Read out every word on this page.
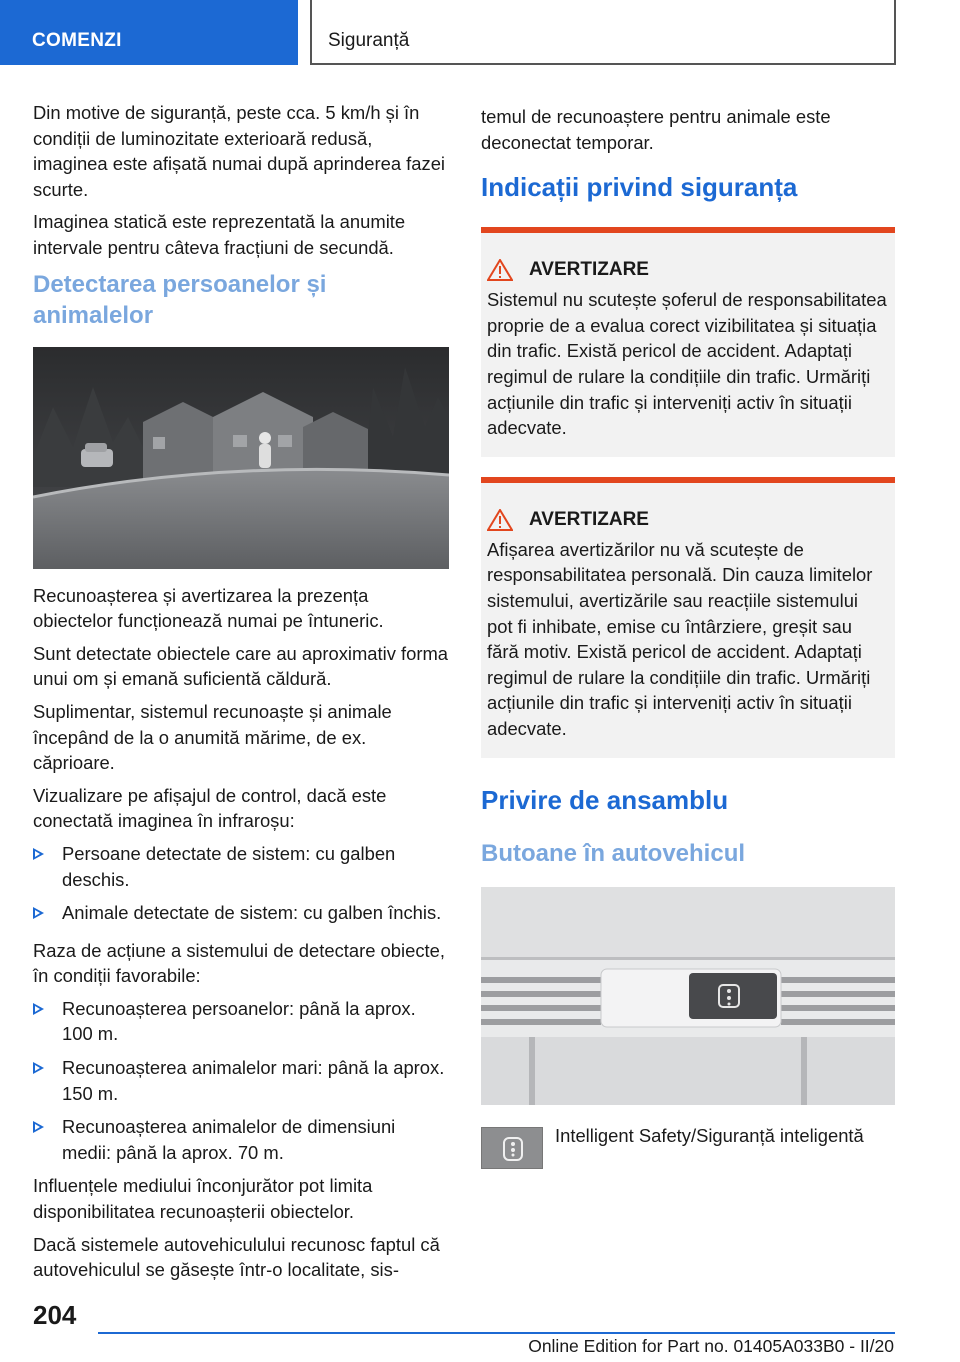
COMENZI	Siguranță

Din motive de siguranță, peste cca. 5 km/h și în condiții de luminozitate exterioară redusă, imaginea este afișată numai după aprinderea fazei scurte.

Imaginea statică este reprezentată la anumite intervale pentru câteva fracțiuni de secundă.

Detectarea persoanelor și animalelor

Recunoașterea și avertizarea la prezența obiectelor funcționează numai pe întuneric.

Sunt detectate obiectele care au aproximativ forma unui om și emană suficientă căldură.

Suplimentar, sistemul recunoaște și animale începând de la o anumită mărime, de ex. căprioare.

Vizualizare pe afișajul de control, dacă este conectată imaginea în infraroșu:

Persoane detectate de sistem: cu galben deschis.
Animale detectate de sistem: cu galben închis.

Raza de acțiune a sistemului de detectare obiecte, în condiții favorabile:

Recunoașterea persoanelor: până la aprox. 100 m.
Recunoașterea animalelor mari: până la aprox. 150 m.
Recunoașterea animalelor de dimensiuni medii: până la aprox. 70 m.

Influențele mediului înconjurător pot limita disponibilitatea recunoașterii obiectelor.

Dacă sistemele autovehiculului recunosc faptul că autovehiculul se găsește într-o localitate, sis-

temul de recunoaștere pentru animale este deconectat temporar.

Indicații privind siguranța
AVERTIZARE

Sistemul nu scutește șoferul de responsabilitatea proprie de a evalua corect vizibilitatea și situația din trafic. Există pericol de accident. Adaptați regimul de rulare la condițiile din trafic. Urmăriți acțiunile din trafic și interveniți activ în situații adecvate.

AVERTIZARE

Afișarea avertizărilor nu vă scutește de responsabilitatea personală. Din cauza limitelor sistemului, avertizările sau reacțiile sistemului pot fi inhibate, emise cu întârziere, greșit sau fără motiv. Există pericol de accident. Adaptați regimul de rulare la condițiile din trafic. Urmăriți acțiunile din trafic și interveniți activ în situații adecvate.

Privire de ansamblu
Butoane în autovehicul
Intelligent Safety/Siguranță inteligentă
204
Online Edition for Part no. 01405A033B0 - II/20
